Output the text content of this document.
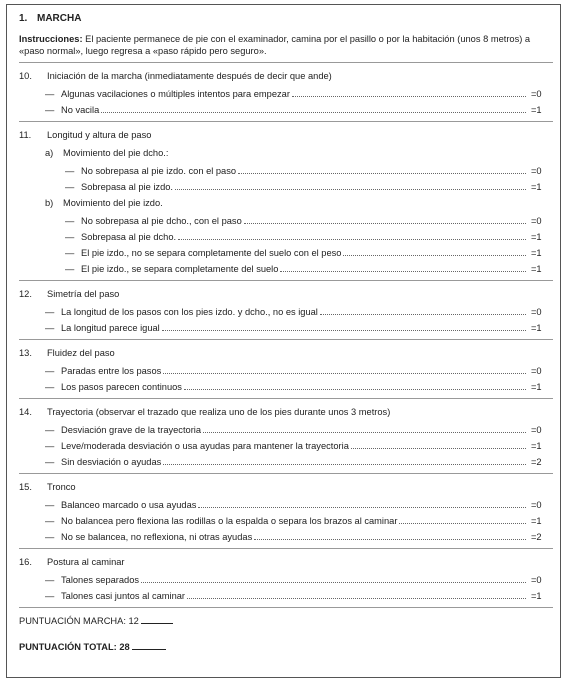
1. MARCHA
Instrucciones: El paciente permanece de pie con el examinador, camina por el pasillo o por la habitación (unos 8 metros) a «paso normal», luego regresa a «paso rápido pero seguro».
10.	Iniciación de la marcha (inmediatamente después de decir que ande)
— Algunas vacilaciones o múltiples intentos para empezar	=0
— No vacila	=1
11.	Longitud y altura de paso
a)	Movimiento del pie dcho.:
— No sobrepasa al pie izdo. con el paso	=0
— Sobrepasa al pie izdo.	=1
b)	Movimiento del pie izdo.
— No sobrepasa al pie dcho., con el paso	=0
— Sobrepasa al pie dcho.	=1
— El pie izdo., no se separa completamente del suelo con el peso	=1
— El pie izdo., se separa completamente del suelo	=1
12.	Simetría del paso
— La longitud de los pasos con los pies izdo. y dcho., no es igual	=0
— La longitud parece igual	=1
13.	Fluidez del paso
— Paradas entre los pasos	=0
— Los pasos parecen continuos	=1
14.	Trayectoria (observar el trazado que realiza uno de los pies durante unos 3 metros)
— Desviación grave de la trayectoria	=0
— Leve/moderada desviación o usa ayudas para mantener la trayectoria	=1
— Sin desviación o ayudas	=2
15.	Tronco
— Balanceo marcado o usa ayudas	=0
— No balancea pero flexiona las rodillas o la espalda o separa los brazos al caminar	=1
— No se balancea, no reflexiona, ni otras ayudas	=2
16.	Postura al caminar
— Talones separados	=0
— Talones casi juntos al caminar	=1
PUNTUACIÓN MARCHA: 12
PUNTUACIÓN TOTAL: 28
